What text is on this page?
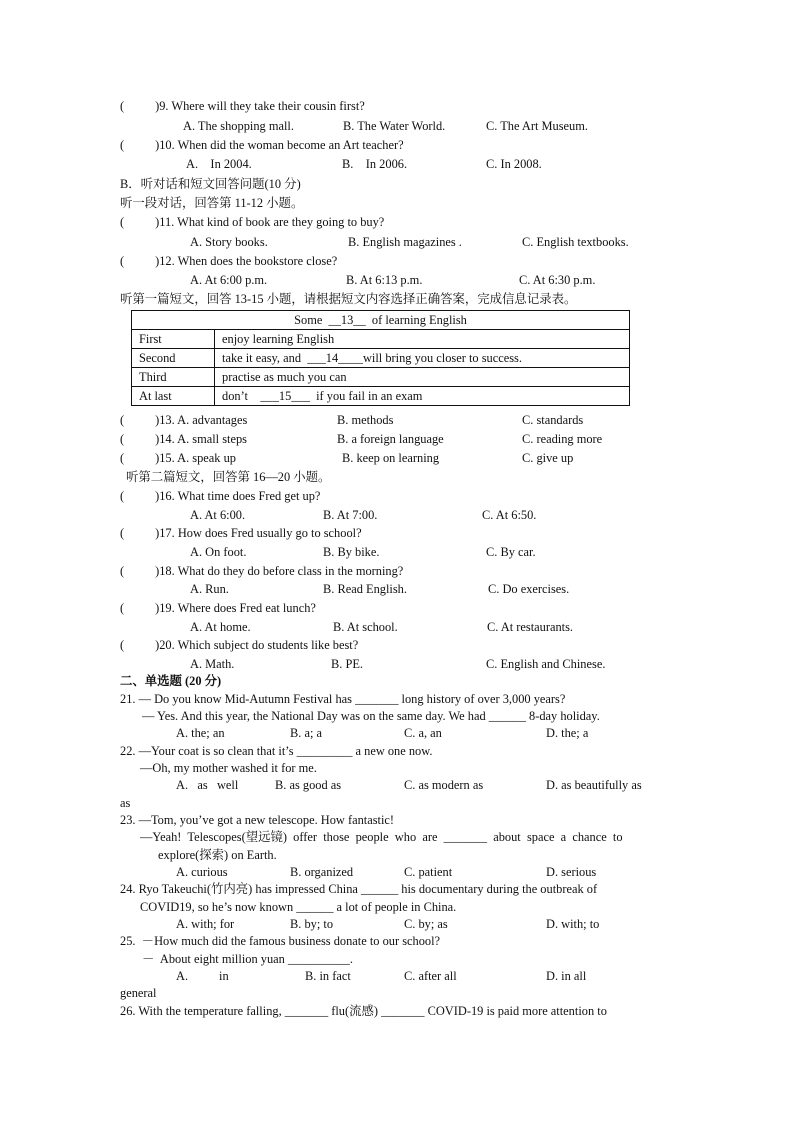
(          )9. Where will they take their cousin first?
A. The shopping mall.	B. The Water World.	C. The Art Museum.
(          )10. When did the woman become an Art teacher?
A.    In 2004.	B.    In 2006.	C. In 2008.
B．听对话和短文回答问题(10 分)
听一段对话，回答第 11-12 小题。
(          )11. What kind of book are they going to buy?
A. Story books.	B. English magazines .	C. English textbooks.
(          )12. When does the bookstore close?
A. At 6:00 p.m.	B. At 6:13 p.m.	C. At 6:30 p.m.
听第一篇短文，回答 13-15 小题，请根据短文内容选择正确答案，完成信息记录表。
Some  __13__  of learning English	
First	enjoy learning English
Second	take it easy, and  ___14____will bring you closer to success.
Third	practise as much you can
At last	don’t    ___15___  if you fail in an exam
(          )13. A. advantages	B. methods	C. standards
(          )14. A. small steps	B. a foreign language	C. reading more
(          )15. A. speak up	B. keep on learning	C. give up
听第二篇短文，回答第 16—20 小题。
(          )16. What time does Fred get up?
A. At 6:00.	B. At 7:00.	C. At 6:50.
(          )17. How does Fred usually go to school?
A. On foot.	B. By bike.	C. By car.
(          )18. What do they do before class in the morning?
A. Run.	B. Read English.	C. Do exercises.
(          )19. Where does Fred eat lunch?
A. At home.	B. At school.	C. At restaurants.
(          )20. Which subject do students like best?
A. Math.	B. PE.	C. English and Chinese.
二、单选题 (20 分)
21. — Do you know Mid-Autumn Festival has _______ long history of over 3,000 years?
— Yes. And this year, the National Day was on the same day. We had ______ 8-day holiday.
A. the; an	B. a; a	C. a, an	D. the; a
22. —Your coat is so clean that it’s _________ a new one now.
—Oh, my mother washed it for me.
A.   as   well	B. as good as	C. as modern as	D. as beautifully as
as
23. —Tom, you’ve got a new telescope. How fantastic!
—Yeah!  Telescopes(望远镜)  offer  those  people  who  are  _______  about  space  a  chance  to
explore(探索) on Earth.
A. curious	B. organized	C. patient	D. serious
24. Ryo Takeuchi(竹内亮) has impressed China ______ his documentary during the outbreak of
COVID19, so he’s now known ______ a lot of people in China.
A. with; for	B. by; to	C. by; as	D. with; to
25.  －How much did the famous business donate to our school?
－  About eight million yuan __________.
A.          in	B. in fact	C. after all	D. in all
general
26. With the temperature falling, _______ flu(流感) _______ COVID-19 is paid more attention to
